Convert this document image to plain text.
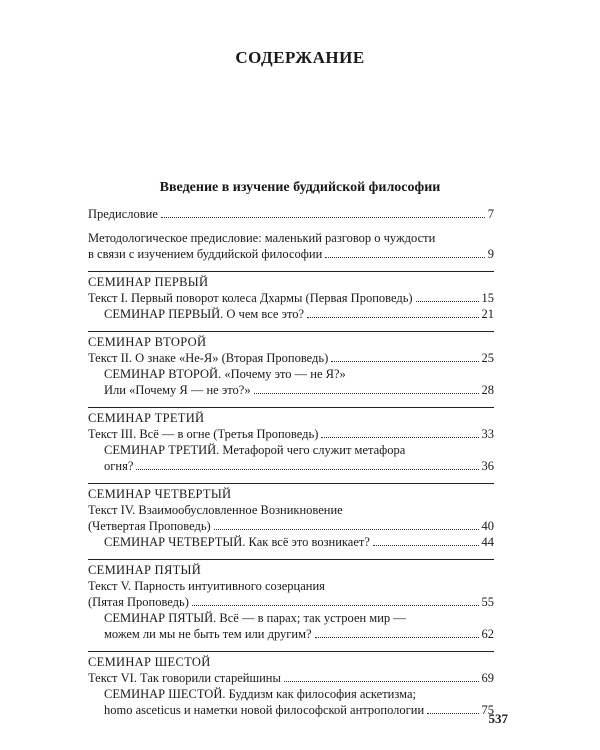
СОДЕРЖАНИЕ
Введение в изучение буддийской философии
Предисловие	7
Методологическое предисловие: маленький разговор о чуждости
в связи с изучением буддийской философии	9
СЕМИНАР ПЕРВЫЙ
Текст I. Первый поворот колеса Дхармы (Первая Проповедь)	15
СЕМИНАР ПЕРВЫЙ. О чем все это?	21
СЕМИНАР ВТОРОЙ
Текст II. О знаке «Не-Я» (Вторая Проповедь)	25
СЕМИНАР ВТОРОЙ. «Почему это — не Я?»
Или «Почему Я — не это?»	28
СЕМИНАР ТРЕТИЙ
Текст III. Всё — в огне (Третья Проповедь)	33
СЕМИНАР ТРЕТИЙ. Метафорой чего служит метафора
огня?	36
СЕМИНАР ЧЕТВЕРТЫЙ
Текст IV. Взаимообусловленное Возникновение
(Четвертая Проповедь)	40
СЕМИНАР ЧЕТВЕРТЫЙ. Как всё это возникает?	44
СЕМИНАР ПЯТЫЙ
Текст V. Парность интуитивного созерцания
(Пятая Проповедь)	55
СЕМИНАР ПЯТЫЙ. Всё — в парах; так устроен мир —
можем ли мы не быть тем или другим?	62
СЕМИНАР ШЕСТОЙ
Текст VI. Так говорили старейшины	69
СЕМИНАР ШЕСТОЙ. Буддизм как философия аскетизма;
homo asceticus и наметки новой философской антропологии	75
537
